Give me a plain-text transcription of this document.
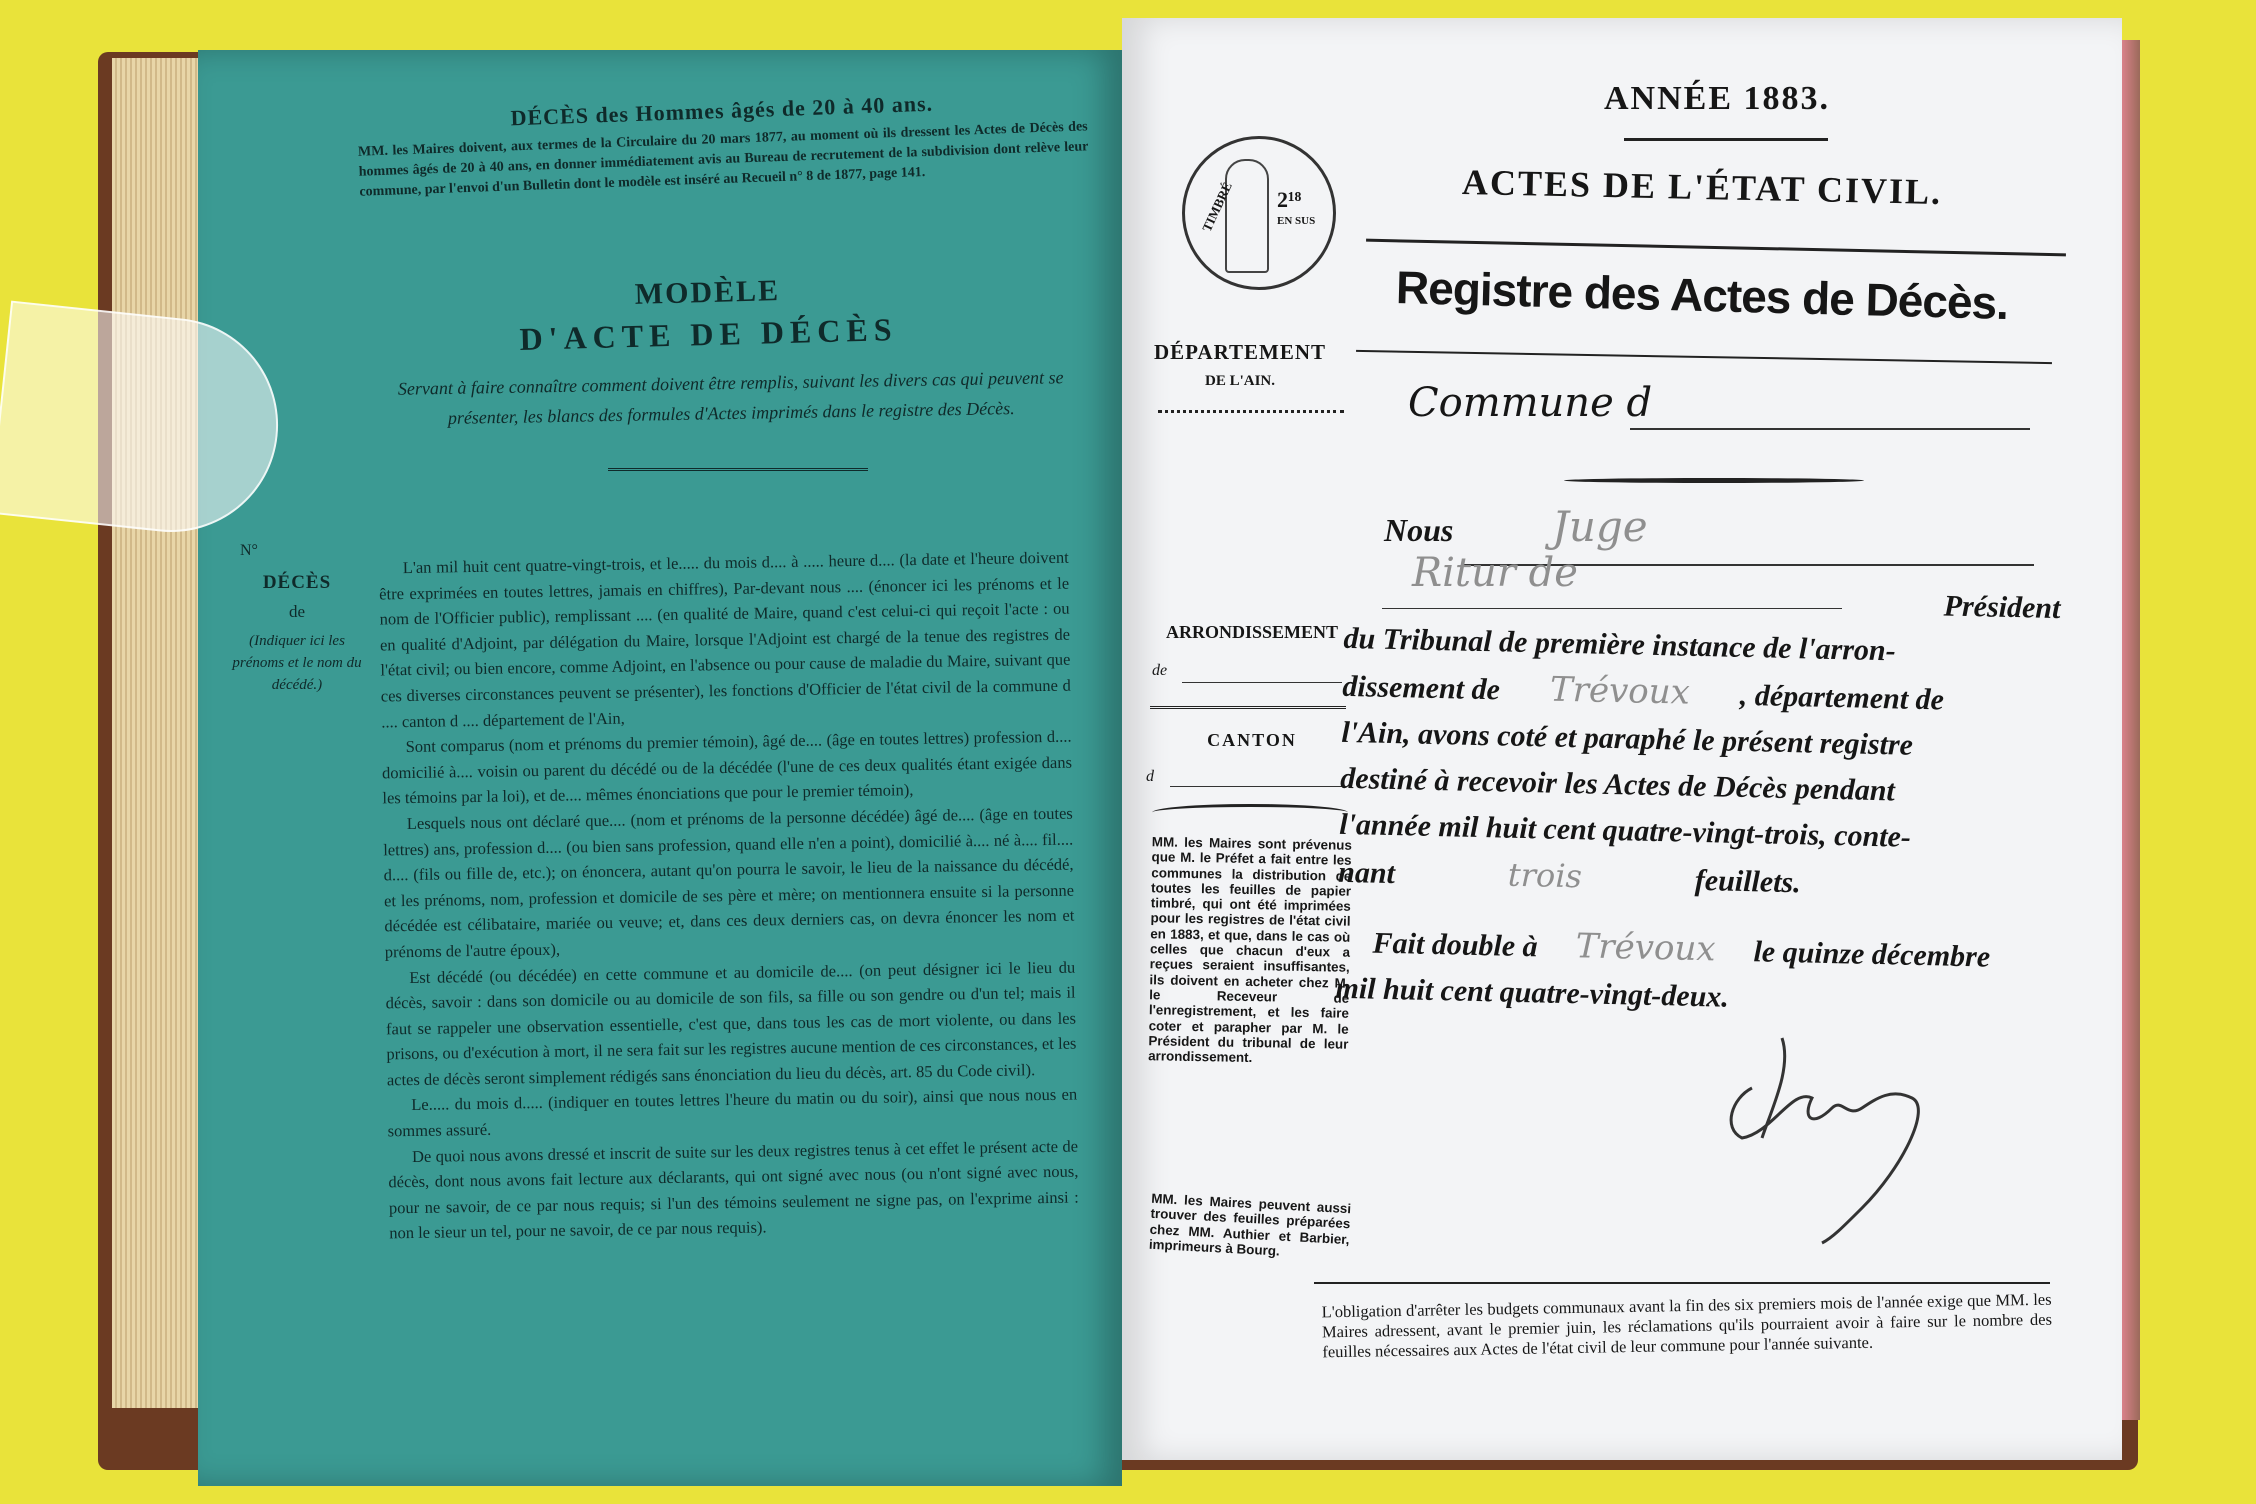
DÉCÈS des Hommes âgés de 20 à 40 ans.
MM. les Maires doivent, aux termes de la Circulaire du 20 mars 1877, au moment où ils dressent les Actes de Décès des hommes âgés de 20 à 40 ans, en donner immédiatement avis au Bureau de recrutement de la subdivision dont relève leur commune, par l'envoi d'un Bulletin dont le modèle est inséré au Recueil n° 8 de 1877, page 141.
MODÈLE
D'ACTE DE DÉCÈS
Servant à faire connaître comment doivent être remplis, suivant les divers cas qui peuvent se présenter, les blancs des formules d'Actes imprimés dans le registre des Décès.
N°
DÉCÈS
de
(Indiquer ici les prénoms et le nom du décédé.)

L'an mil huit cent quatre-vingt-trois, et le..... du mois d.... à ..... heure d.... (la date et l'heure doivent être exprimées en toutes lettres, jamais en chiffres), Par-devant nous .... (énoncer ici les prénoms et le nom de l'Officier public), remplissant .... (en qualité de Maire, quand c'est celui-ci qui reçoit l'acte : ou en qualité d'Adjoint, par délégation du Maire, lorsque l'Adjoint est chargé de la tenue des registres de l'état civil; ou bien encore, comme Adjoint, en l'absence ou pour cause de maladie du Maire, suivant que ces diverses circonstances peuvent se présenter), les fonctions d'Officier de l'état civil de la commune d .... canton d .... département de l'Ain,

Sont comparus (nom et prénoms du premier témoin), âgé de.... (âge en toutes lettres) profession d.... domicilié à.... voisin ou parent du décédé ou de la décédée (l'une de ces deux qualités étant exigée dans les témoins par la loi), et de.... mêmes énonciations que pour le premier témoin),

Lesquels nous ont déclaré que.... (nom et prénoms de la personne décédée) âgé de.... (âge en toutes lettres) ans, profession d.... (ou bien sans profession, quand elle n'en a point), domicilié à.... né à.... fil.... d.... (fils ou fille de, etc.); on énoncera, autant qu'on pourra le savoir, le lieu de la naissance du décédé, et les prénoms, nom, profession et domicile de ses père et mère; on mentionnera ensuite si la personne décédée est célibataire, mariée ou veuve; et, dans ces deux derniers cas, on devra énoncer les nom et prénoms de l'autre époux),

Est décédé (ou décédée) en cette commune et au domicile de.... (on peut désigner ici le lieu du décès, savoir : dans son domicile ou au domicile de son fils, sa fille ou son gendre ou d'un tel; mais il faut se rappeler une observation essentielle, c'est que, dans tous les cas de mort violente, ou dans les prisons, ou d'exécution à mort, il ne sera fait sur les registres aucune mention de ces circonstances, et les actes de décès seront simplement rédigés sans énonciation du lieu du décès, art. 85 du Code civil).

Le..... du mois d..... (indiquer en toutes lettres l'heure du matin ou du soir), ainsi que nous nous en sommes assuré.

De quoi nous avons dressé et inscrit de suite sur les deux registres tenus à cet effet le présent acte de décès, dont nous avons fait lecture aux déclarants, qui ont signé avec nous (ou n'ont signé avec nous, pour ne savoir, de ce par nous requis; si l'un des témoins seulement ne signe pas, on l'exprime ainsi : non le sieur un tel, pour ne savoir, de ce par nous requis).

TIMBRÉ 2¹⁸
EN SUS
ANNÉE 1883.
ACTES DE L'ÉTAT CIVIL.
Registre des Actes de Décès.
DÉPARTEMENT
DE L'AIN.	Commune d
ARRONDISSEMENT
de
CANTON
d
MM. les Maires sont prévenus que M. le Préfet a fait entre les communes la distribution de toutes les feuilles de papier timbré, qui ont été imprimées pour les registres de l'état civil en 1883, et que, dans le cas où celles que chacun d'eux a reçues seraient insuffisantes, ils doivent en acheter chez M. le Receveur de l'enregistrement, et les faire coter et parapher par M. le Président du tribunal de leur arrondissement.
MM. les Maires peuvent aussi trouver des feuilles préparées chez MM. Authier et Barbier, imprimeurs à Bourg.
Nous Juge
Ritur de
Président
du Tribunal de première instance de l'arron-
dissement de Trévoux , département de
l'Ain, avons coté et paraphé le présent registre
destiné à recevoir les Actes de Décès pendant
l'année mil huit cent quatre-vingt-trois, conte-
nant	trois	feuillets.
Fait double à Trévoux le quinze décembre
mil huit cent quatre-vingt-deux.
L'obligation d'arrêter les budgets communaux avant la fin des six premiers mois de l'année exige que MM. les Maires adressent, avant le premier juin, les réclamations qu'ils pourraient avoir à faire sur le nombre des feuilles nécessaires aux Actes de l'état civil de leur commune pour l'année suivante.
